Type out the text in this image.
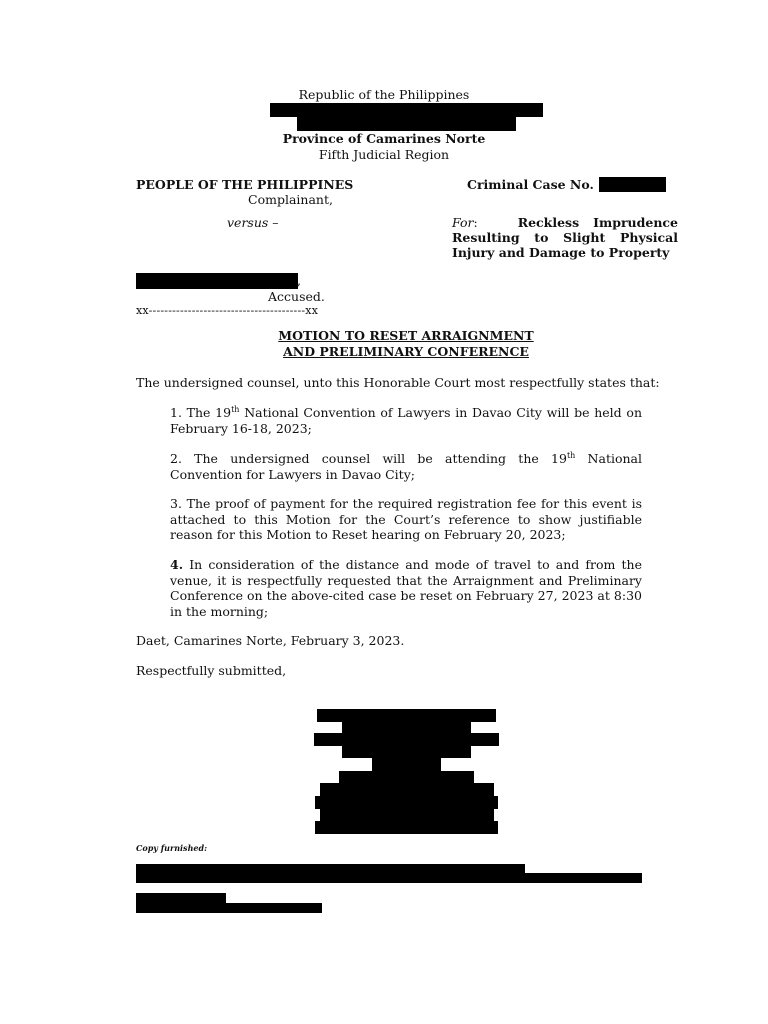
Republic of the Philippines
Province of Camarines Norte
Fifth Judicial Region
PEOPLE OF THE PHILIPPINES
Complainant,
Criminal Case No.
versus –	For:	Reckless Imprudence
Resulting to Slight Physical
Injury and Damage to Property
,
Accused.
xx----------------------------------------xx
MOTION TO RESET ARRAIGNMENT
AND PRELIMINARY CONFERENCE
The undersigned counsel, unto this Honorable Court most respectfully states that:
1. The 19th National Convention of Lawyers in Davao City will be held on February 16-18, 2023;
2. The undersigned counsel will be attending the 19th National Convention for Lawyers in Davao City;
3. The proof of payment for the required registration fee for this event is attached to this Motion for the Court’s reference to show justifiable reason for this Motion to Reset hearing on February 20, 2023;
4. In consideration of the distance and mode of travel to and from the venue, it is respectfully requested that the Arraignment and Preliminary Conference on the above-cited case be reset on February 27, 2023 at 8:30 in the morning;
Daet, Camarines Norte, February 3, 2023.
Respectfully submitted,
Copy furnished:
